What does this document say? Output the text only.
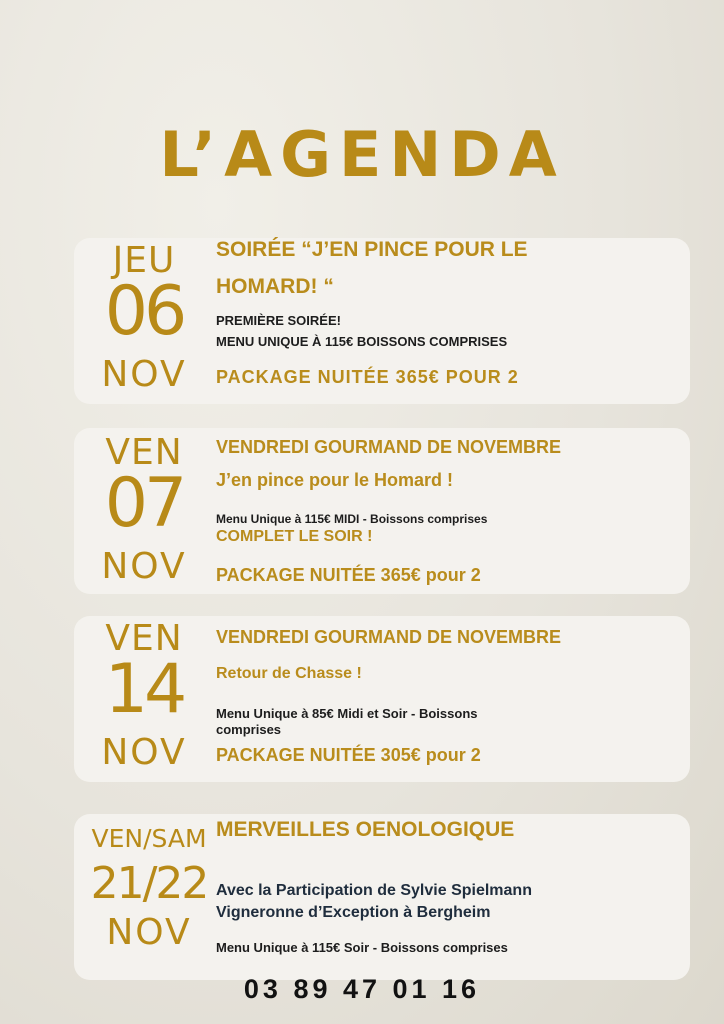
L’AGENDA
JEU
06
NOV
SOIRÉE “J’EN PINCE POUR LE
HOMARD! “
PREMIÈRE SOIRÉE!
MENU UNIQUE À 115€ BOISSONS COMPRISES
PACKAGE NUITÉE 365€ POUR 2
VEN
07
NOV
VENDREDI GOURMAND DE NOVEMBRE
J’en pince pour le Homard !
Menu Unique à 115€ MIDI - Boissons comprises
COMPLET LE SOIR !
PACKAGE NUITÉE 365€ pour 2
VEN
14
NOV
VENDREDI GOURMAND DE NOVEMBRE
Retour de Chasse !
Menu Unique à 85€ Midi et Soir - Boissons
comprises
PACKAGE NUITÉE 305€ pour 2
VEN/SAM
21/22
NOV
MERVEILLES OENOLOGIQUE
Avec la Participation de Sylvie Spielmann
Vigneronne d’Exception à Bergheim
Menu Unique à 115€ Soir - Boissons comprises
03 89 47 01 16
